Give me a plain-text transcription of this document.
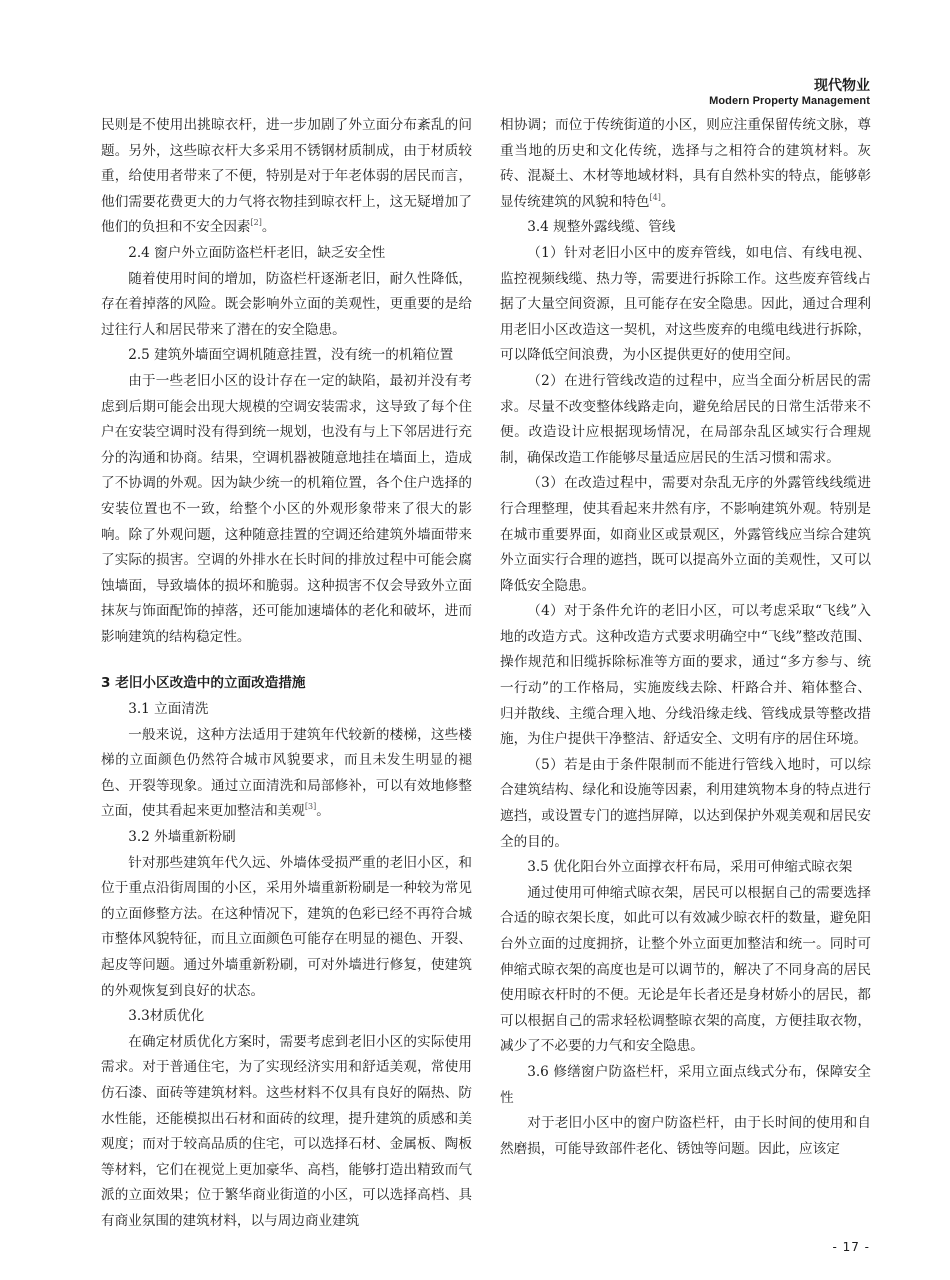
现代物业
Modern Property Management

民则是不使用出挑晾衣杆，进一步加剧了外立面分布紊乱的问题。另外，这些晾衣杆大多采用不锈钢材质制成，由于材质较重，给使用者带来了不便，特别是对于年老体弱的居民而言，他们需要花费更大的力气将衣物挂到晾衣杆上，这无疑增加了他们的负担和不安全因素[2]。

2.4 窗户外立面防盗栏杆老旧，缺乏安全性

随着使用时间的增加，防盗栏杆逐渐老旧，耐久性降低，存在着掉落的风险。既会影响外立面的美观性，更重要的是给过往行人和居民带来了潜在的安全隐患。

2.5 建筑外墙面空调机随意挂置，没有统一的机箱位置

由于一些老旧小区的设计存在一定的缺陷，最初并没有考虑到后期可能会出现大规模的空调安装需求，这导致了每个住户在安装空调时没有得到统一规划，也没有与上下邻居进行充分的沟通和协商。结果，空调机器被随意地挂在墙面上，造成了不协调的外观。因为缺少统一的机箱位置，各个住户选择的安装位置也不一致，给整个小区的外观形象带来了很大的影响。除了外观问题，这种随意挂置的空调还给建筑外墙面带来了实际的损害。空调的外排水在长时间的排放过程中可能会腐蚀墙面，导致墙体的损坏和脆弱。这种损害不仅会导致外立面抹灰与饰面配饰的掉落，还可能加速墙体的老化和破坏，进而影响建筑的结构稳定性。

3 老旧小区改造中的立面改造措施
3.1 立面清洗

一般来说，这种方法适用于建筑年代较新的楼梯，这些楼梯的立面颜色仍然符合城市风貌要求，而且未发生明显的褪色、开裂等现象。通过立面清洗和局部修补，可以有效地修整立面，使其看起来更加整洁和美观[3]。

3.2 外墙重新粉刷

针对那些建筑年代久远、外墙体受损严重的老旧小区，和位于重点沿街周围的小区，采用外墙重新粉刷是一种较为常见的立面修整方法。在这种情况下，建筑的色彩已经不再符合城市整体风貌特征，而且立面颜色可能存在明显的褪色、开裂、起皮等问题。通过外墙重新粉刷，可对外墙进行修复，使建筑的外观恢复到良好的状态。

3.3材质优化

在确定材质优化方案时，需要考虑到老旧小区的实际使用需求。对于普通住宅，为了实现经济实用和舒适美观，常使用仿石漆、面砖等建筑材料。这些材料不仅具有良好的隔热、防水性能，还能模拟出石材和面砖的纹理，提升建筑的质感和美观度；而对于较高品质的住宅，可以选择石材、金属板、陶板等材料，它们在视觉上更加豪华、高档，能够打造出精致而气派的立面效果；位于繁华商业街道的小区，可以选择高档、具有商业氛围的建筑材料，以与周边商业建筑

相协调；而位于传统街道的小区，则应注重保留传统文脉，尊重当地的历史和文化传统，选择与之相符合的建筑材料。灰砖、混凝土、木材等地域材料，具有自然朴实的特点，能够彰显传统建筑的风貌和特色[4]。

3.4 规整外露线缆、管线

（1）针对老旧小区中的废弃管线，如电信、有线电视、监控视频线缆、热力等，需要进行拆除工作。这些废弃管线占据了大量空间资源，且可能存在安全隐患。因此，通过合理利用老旧小区改造这一契机，对这些废弃的电缆电线进行拆除，可以降低空间浪费，为小区提供更好的使用空间。

（2）在进行管线改造的过程中，应当全面分析居民的需求。尽量不改变整体线路走向，避免给居民的日常生活带来不便。改造设计应根据现场情况，在局部杂乱区域实行合理规制，确保改造工作能够尽量适应居民的生活习惯和需求。

（3）在改造过程中，需要对杂乱无序的外露管线线缆进行合理整理，使其看起来井然有序，不影响建筑外观。特别是在城市重要界面，如商业区或景观区，外露管线应当综合建筑外立面实行合理的遮挡，既可以提高外立面的美观性，又可以降低安全隐患。

（4）对于条件允许的老旧小区，可以考虑采取“飞线”入地的改造方式。这种改造方式要求明确空中“飞线”整改范围、操作规范和旧缆拆除标准等方面的要求，通过“多方参与、统一行动”的工作格局，实施废线去除、杆路合并、箱体整合、归并散线、主缆合理入地、分线沿缘走线、管线成景等整改措施，为住户提供干净整洁、舒适安全、文明有序的居住环境。

（5）若是由于条件限制而不能进行管线入地时，可以综合建筑结构、绿化和设施等因素，利用建筑物本身的特点进行遮挡，或设置专门的遮挡屏障，以达到保护外观美观和居民安全的目的。

3.5 优化阳台外立面撑衣杆布局，采用可伸缩式晾衣架

通过使用可伸缩式晾衣架，居民可以根据自己的需要选择合适的晾衣架长度，如此可以有效减少晾衣杆的数量，避免阳台外立面的过度拥挤，让整个外立面更加整洁和统一。同时可伸缩式晾衣架的高度也是可以调节的，解决了不同身高的居民使用晾衣杆时的不便。无论是年长者还是身材娇小的居民，都可以根据自己的需求轻松调整晾衣架的高度，方便挂取衣物，减少了不必要的力气和安全隐患。

3.6 修缮窗户防盗栏杆，采用立面点线式分布，保障安全性

对于老旧小区中的窗户防盗栏杆，由于长时间的使用和自然磨损，可能导致部件老化、锈蚀等问题。因此，应该定

- 17 -
